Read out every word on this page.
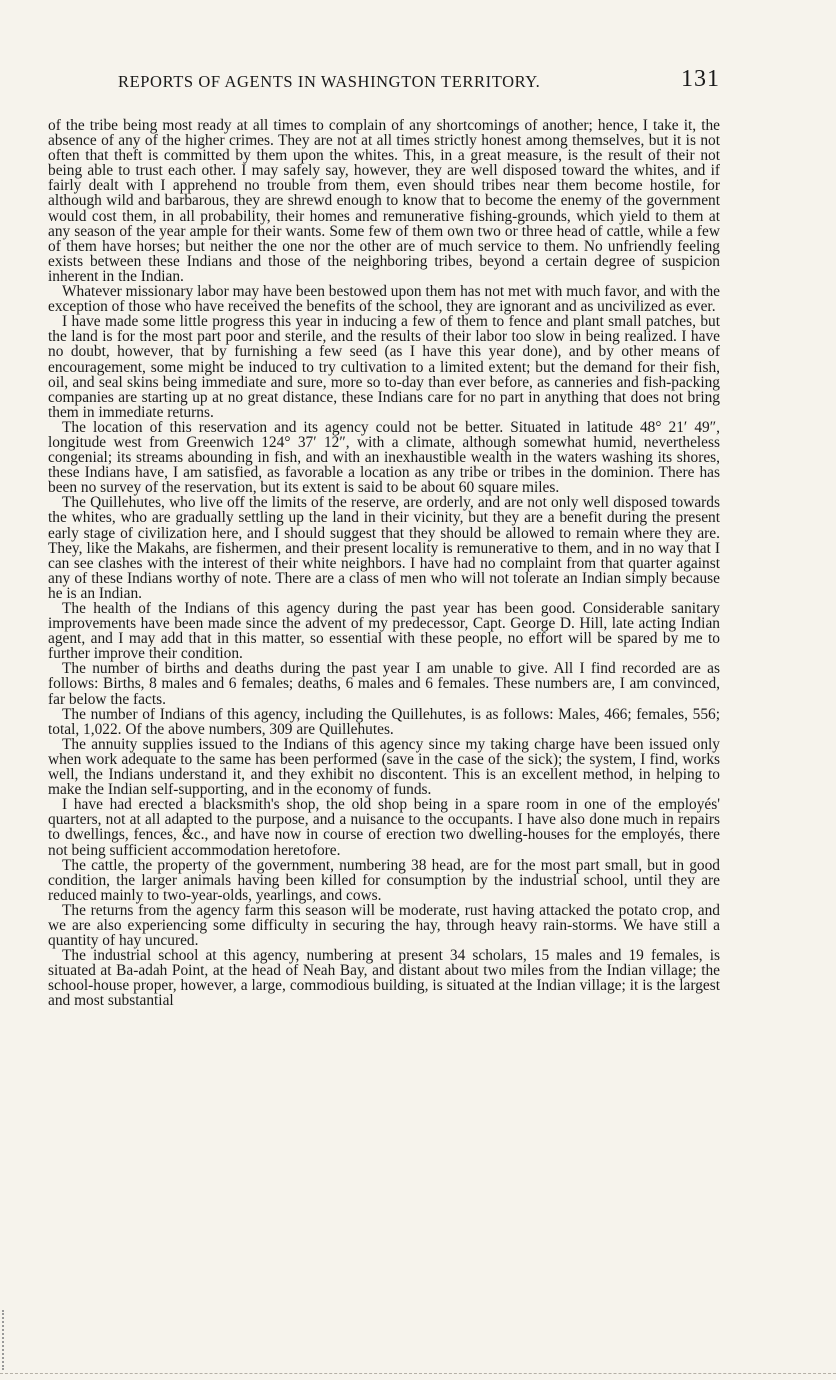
REPORTS OF AGENTS IN WASHINGTON TERRITORY.	131

of the tribe being most ready at all times to complain of any shortcomings of another; hence, I take it, the absence of any of the higher crimes. They are not at all times strictly honest among themselves, but it is not often that theft is committed by them upon the whites. This, in a great measure, is the result of their not being able to trust each other. I may safely say, however, they are well disposed toward the whites, and if fairly dealt with I apprehend no trouble from them, even should tribes near them become hostile, for although wild and barbarous, they are shrewd enough to know that to become the enemy of the government would cost them, in all probability, their homes and remunerative fishing-grounds, which yield to them at any season of the year ample for their wants. Some few of them own two or three head of cattle, while a few of them have horses; but neither the one nor the other are of much service to them. No unfriendly feeling exists between these Indians and those of the neighboring tribes, beyond a certain degree of suspicion inherent in the Indian.

Whatever missionary labor may have been bestowed upon them has not met with much favor, and with the exception of those who have received the benefits of the school, they are ignorant and as uncivilized as ever.

I have made some little progress this year in inducing a few of them to fence and plant small patches, but the land is for the most part poor and sterile, and the results of their labor too slow in being realized. I have no doubt, however, that by furnishing a few seed (as I have this year done), and by other means of encouragement, some might be induced to try cultivation to a limited extent; but the demand for their fish, oil, and seal skins being immediate and sure, more so to-day than ever before, as canneries and fish-packing companies are starting up at no great distance, these Indians care for no part in anything that does not bring them in immediate returns.

The location of this reservation and its agency could not be better. Situated in latitude 48° 21′ 49″, longitude west from Greenwich 124° 37′ 12″, with a climate, although somewhat humid, nevertheless congenial; its streams abounding in fish, and with an inexhaustible wealth in the waters washing its shores, these Indians have, I am satisfied, as favorable a location as any tribe or tribes in the dominion. There has been no survey of the reservation, but its extent is said to be about 60 square miles.

The Quillehutes, who live off the limits of the reserve, are orderly, and are not only well disposed towards the whites, who are gradually settling up the land in their vicinity, but they are a benefit during the present early stage of civilization here, and I should suggest that they should be allowed to remain where they are. They, like the Makahs, are fishermen, and their present locality is remunerative to them, and in no way that I can see clashes with the interest of their white neighbors. I have had no complaint from that quarter against any of these Indians worthy of note. There are a class of men who will not tolerate an Indian simply because he is an Indian.

The health of the Indians of this agency during the past year has been good. Considerable sanitary improvements have been made since the advent of my predecessor, Capt. George D. Hill, late acting Indian agent, and I may add that in this matter, so essential with these people, no effort will be spared by me to further improve their condition.

The number of births and deaths during the past year I am unable to give. All I find recorded are as follows: Births, 8 males and 6 females; deaths, 6 males and 6 females. These numbers are, I am convinced, far below the facts.

The number of Indians of this agency, including the Quillehutes, is as follows: Males, 466; females, 556; total, 1,022. Of the above numbers, 309 are Quillehutes.

The annuity supplies issued to the Indians of this agency since my taking charge have been issued only when work adequate to the same has been performed (save in the case of the sick); the system, I find, works well, the Indians understand it, and they exhibit no discontent. This is an excellent method, in helping to make the Indian self-supporting, and in the economy of funds.

I have had erected a blacksmith's shop, the old shop being in a spare room in one of the employés' quarters, not at all adapted to the purpose, and a nuisance to the occupants. I have also done much in repairs to dwellings, fences, &c., and have now in course of erection two dwelling-houses for the employés, there not being sufficient accommodation heretofore.

The cattle, the property of the government, numbering 38 head, are for the most part small, but in good condition, the larger animals having been killed for consumption by the industrial school, until they are reduced mainly to two-year-olds, yearlings, and cows.

The returns from the agency farm this season will be moderate, rust having attacked the potato crop, and we are also experiencing some difficulty in securing the hay, through heavy rain-storms. We have still a quantity of hay uncured.

The industrial school at this agency, numbering at present 34 scholars, 15 males and 19 females, is situated at Ba-adah Point, at the head of Neah Bay, and distant about two miles from the Indian village; the school-house proper, however, a large, commodious building, is situated at the Indian village; it is the largest and most substantial
